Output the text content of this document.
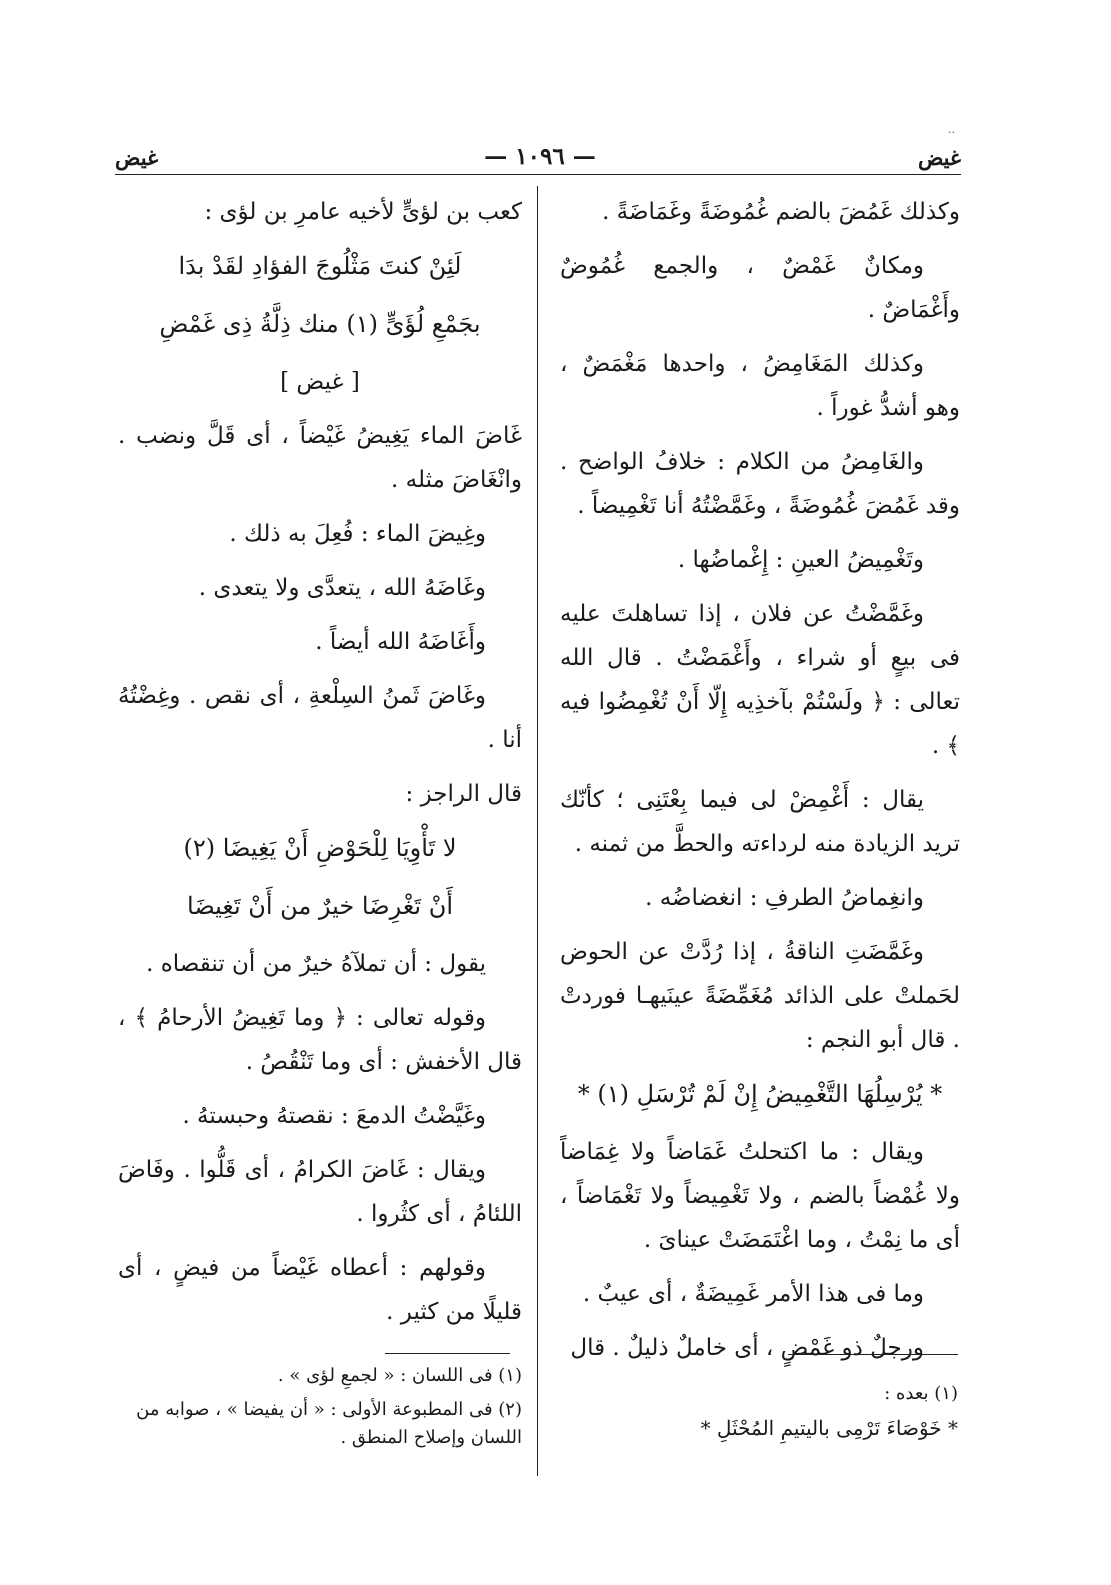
··
غيض	— ١٠٩٦ —	غيض

وكذلك غَمُضَ بالضم غُمُوضَةً وغَمَاضَةً .

ومكانٌ غَمْضٌ ، والجمع غُمُوضٌ وأَغْمَاضٌ .

وكذلك المَغَامِضُ ، واحدها مَغْمَضٌ ، وهو أشدُّ غوراً .

والغَامِضُ من الكلام : خلافُ الواضح . وقد غَمُضَ غُمُوضَةً ، وغَمَّضْتُهُ أنا تَغْمِيضاً .

وتَغْمِيضُ العينِ : إِغْماضُها .

وغَمَّضْتُ عن فلان ، إذا تساهلتَ عليه فى بيعٍ أو شراء ، وأَغْمَضْتُ . قال الله تعالى : ﴿ ولَسْتُمْ بآخذِيه إِلّا أَنْ تُغْمِضُوا فيه ﴾ .

يقال : أَغْمِضْ لى فيما بِعْتَنِى ؛ كأنّك تريد الزيادة منه لرداءته والحطَّ من ثمنه .

وانغِماضُ الطرفِ : انغضاضُه .

وغَمَّضَتِ الناقةُ ، إذا رُدَّتْ عن الحوض لحَملتْ على الذائد مُغَمِّضَةً عينَيهـا فوردتْ . قال أبو النجم :

* يُرْسِلُهَا التَّغْمِيضُ إِنْ لَمْ تُرْسَلِ (١) *

ويقال : ما اكتحلتُ غَمَاضاً ولا غِمَاضاً ولا غُمْضاً بالضم ، ولا تَغْمِيضاً ولا تَغْمَاضاً ، أى ما نِمْتُ ، وما اغْتَمَضَتْ عيناىَ .

وما فى هذا الأمر غَمِيضَةٌ ، أى عيبٌ .

ورجلٌ ذو غَمْضٍ ، أى خاملٌ ذليلٌ . قال

(١) بعده :

* خَوْصَاءَ تَرْمِى باليتيمِ المُحْثَلِ *

كعب بن لؤىٍّ لأخيه عامرِ بن لؤى :

لَئِنْ كنتَ مَثْلُوجَ الفؤادِ لقَدْ بدَا

بجَمْعِ لُؤَىٍّ (١) منك ذِلَّةُ ذِى غَمْضِ

[ غيض ]

غَاضَ الماء يَغِيضُ غَيْضاً ، أى قَلَّ ونضب . وانْغَاضَ مثله .

وغِيضَ الماء : فُعِلَ به ذلك .

وغَاضَهُ الله ، يتعدَّى ولا يتعدى .

وأَغَاضَهُ الله أيضاً .

وغَاضَ ثَمنُ السِلْعةِ ، أى نقص . وغِضْتُهُ أنا .

قال الراجز :

لا تَأْوِيَا لِلْحَوْضِ أَنْ يَغِيضَا (٢)

أَنْ تَغْرِضَا خيرٌ من أَنْ تَغِيضَا

يقول : أن تملآهُ خيرٌ من أن تنقصاه .

وقوله تعالى : ﴿ وما تَغِيضُ الأرحامُ ﴾ ، قال الأخفش : أى وما تَنْقُصُ .

وغَيَّضْتُ الدمعَ : نقصتهُ وحبستهُ .

ويقال : غَاضَ الكرامُ ، أى قَلُّوا . وفَاضَ اللئامُ ، أى كثُروا .

وقولهم : أعطاه غَيْضاً من فيضٍ ، أى قليلًا من كثير .

(١) فى اللسان : « لجمعِ لؤى » .

(٢) فى المطبوعة الأولى : « أن يفيضا » ، صوابه من اللسان وإصلاح المنطق .
